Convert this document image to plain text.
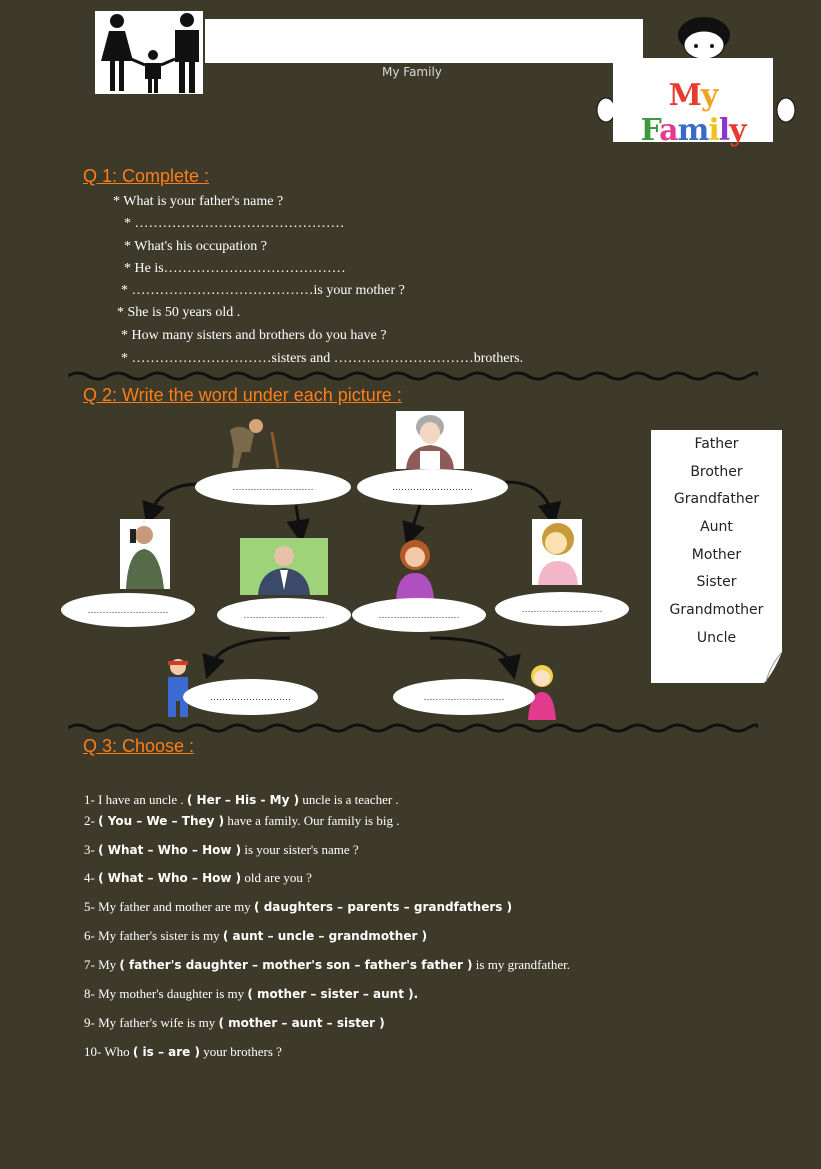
My Family
My Family
Q 1: Complete :
* What is your father's name ?
* ………………………………………
* What's his occupation ?
* He is…………………………………
* …………………………………is your mother ?
* She is 50 years old .
* How many sisters and brothers do you have ?
* …………………………sisters and …………………………brothers.
Q 2: Write the word under each picture :
………………………	………………………
………………………	………………………	………………………
………………………
………………………	………………………
Father
Brother
Grandfather
Aunt
Mother
Sister
Grandmother
Uncle
Q 3: Choose :
1- I have an uncle . ( Her – His - My ) uncle is a teacher .
2- ( You – We – They ) have a family. Our family is big .
3- ( What – Who – How ) is your sister's name ?
4- ( What – Who – How ) old are you ?
5- My father and mother are my ( daughters – parents – grandfathers )
6- My father's sister is my ( aunt – uncle – grandmother )
7- My ( father's daughter – mother's son – father's father ) is my grandfather.
8- My mother's daughter is my ( mother – sister – aunt ).
9- My father's wife is my ( mother – aunt – sister )
10- Who ( is – are ) your brothers ?
